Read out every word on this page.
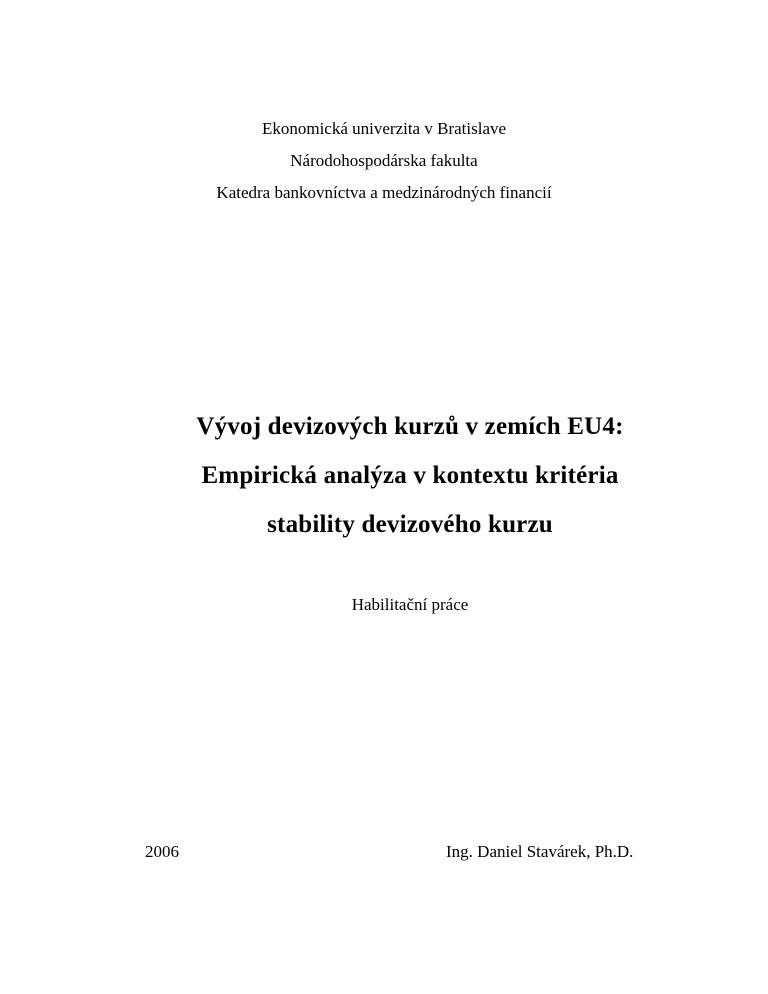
Ekonomická univerzita v Bratislave
Národohospodárska fakulta
Katedra bankovníctva a medzinárodných financií
Vývoj devizových kurzů v zemích EU4:
Empirická analýza v kontextu kritéria
stability devizového kurzu
Habilitační práce
2006	Ing. Daniel Stavárek, Ph.D.
